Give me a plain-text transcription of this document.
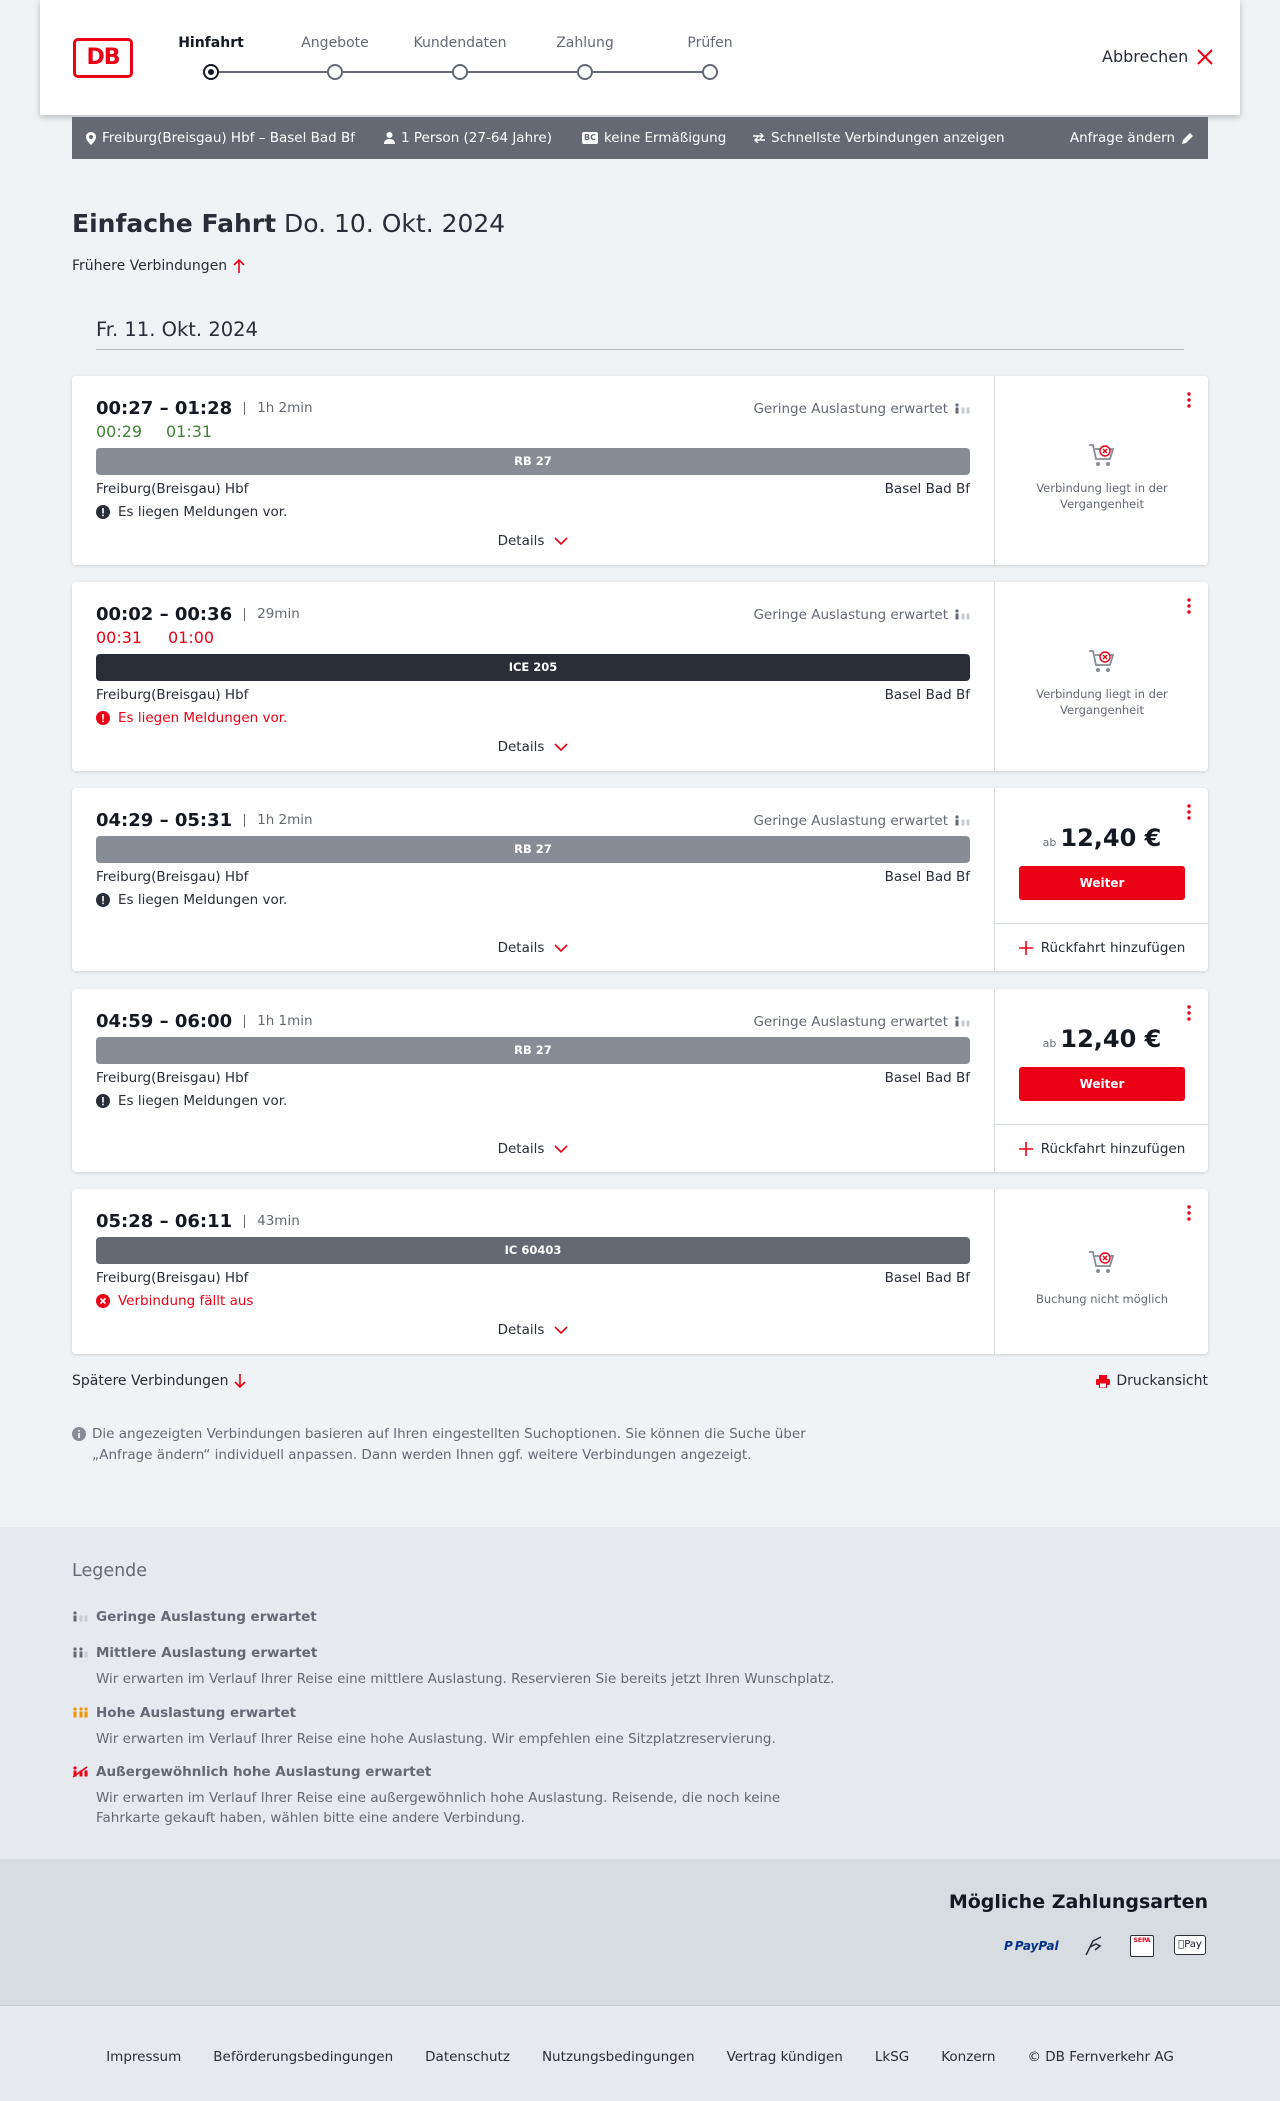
DB
Hinfahrt	Angebote	Kundendaten	Zahlung	Prüfen
Abbrechen
Freiburg(Breisgau) Hbf – Basel Bad Bf	1 Person (27-64 Jahre)	BC keine Ermäßigung	Schnellste Verbindungen anzeigen	Anfrage ändern
Einfache Fahrt Do. 10. Okt. 2024
Frühere Verbindungen
Fr. 11. Okt. 2024
00:27 – 01:28	1h 2min
00:29 01:31
Geringe Auslastung erwartet
RB 27
Freiburg(Breisgau) Hbf	Basel Bad Bf
Es liegen Meldungen vor.
Details
Verbindung liegt in der Vergangenheit
00:02 – 00:36	29min
00:31 01:00
Geringe Auslastung erwartet
ICE 205
Freiburg(Breisgau) Hbf	Basel Bad Bf
Es liegen Meldungen vor.
Details
Verbindung liegt in der Vergangenheit
04:29 – 05:31	1h 2min	Geringe Auslastung erwartet
RB 27
Freiburg(Breisgau) Hbf	Basel Bad Bf
Es liegen Meldungen vor.
Details
ab 12,40 €
Weiter
Rückfahrt hinzufügen
04:59 – 06:00	1h 1min	Geringe Auslastung erwartet
RB 27
Freiburg(Breisgau) Hbf	Basel Bad Bf
Es liegen Meldungen vor.
Details
ab 12,40 €
Weiter
Rückfahrt hinzufügen
05:28 – 06:11	43min
IC 60403
Freiburg(Breisgau) Hbf	Basel Bad Bf
Verbindung fällt aus
Details
Buchung nicht möglich
Spätere Verbindungen	Druckansicht
Die angezeigten Verbindungen basieren auf Ihren eingestellten Suchoptionen. Sie können die Suche über „Anfrage ändern“ individuell anpassen. Dann werden Ihnen ggf. weitere Verbindungen angezeigt.
Legende
Geringe Auslastung erwartet
Mittlere Auslastung erwartet

Wir erwarten im Verlauf Ihrer Reise eine mittlere Auslastung. Reservieren Sie bereits jetzt Ihren Wunschplatz.

Hohe Auslastung erwartet

Wir erwarten im Verlauf Ihrer Reise eine hohe Auslastung. Wir empfehlen eine Sitzplatzreservierung.

Außergewöhnlich hohe Auslastung erwartet

Wir erwarten im Verlauf Ihrer Reise eine außergewöhnlich hohe Auslastung. Reisende, die noch keine Fahrkarte gekauft haben, wählen bitte eine andere Verbindung.

Mögliche Zahlungsarten
P PayPal	SEPA	Pay
Impressum Beförderungsbedingungen Datenschutz Nutzungsbedingungen Vertrag kündigen LkSG Konzern © DB Fernverkehr AG
